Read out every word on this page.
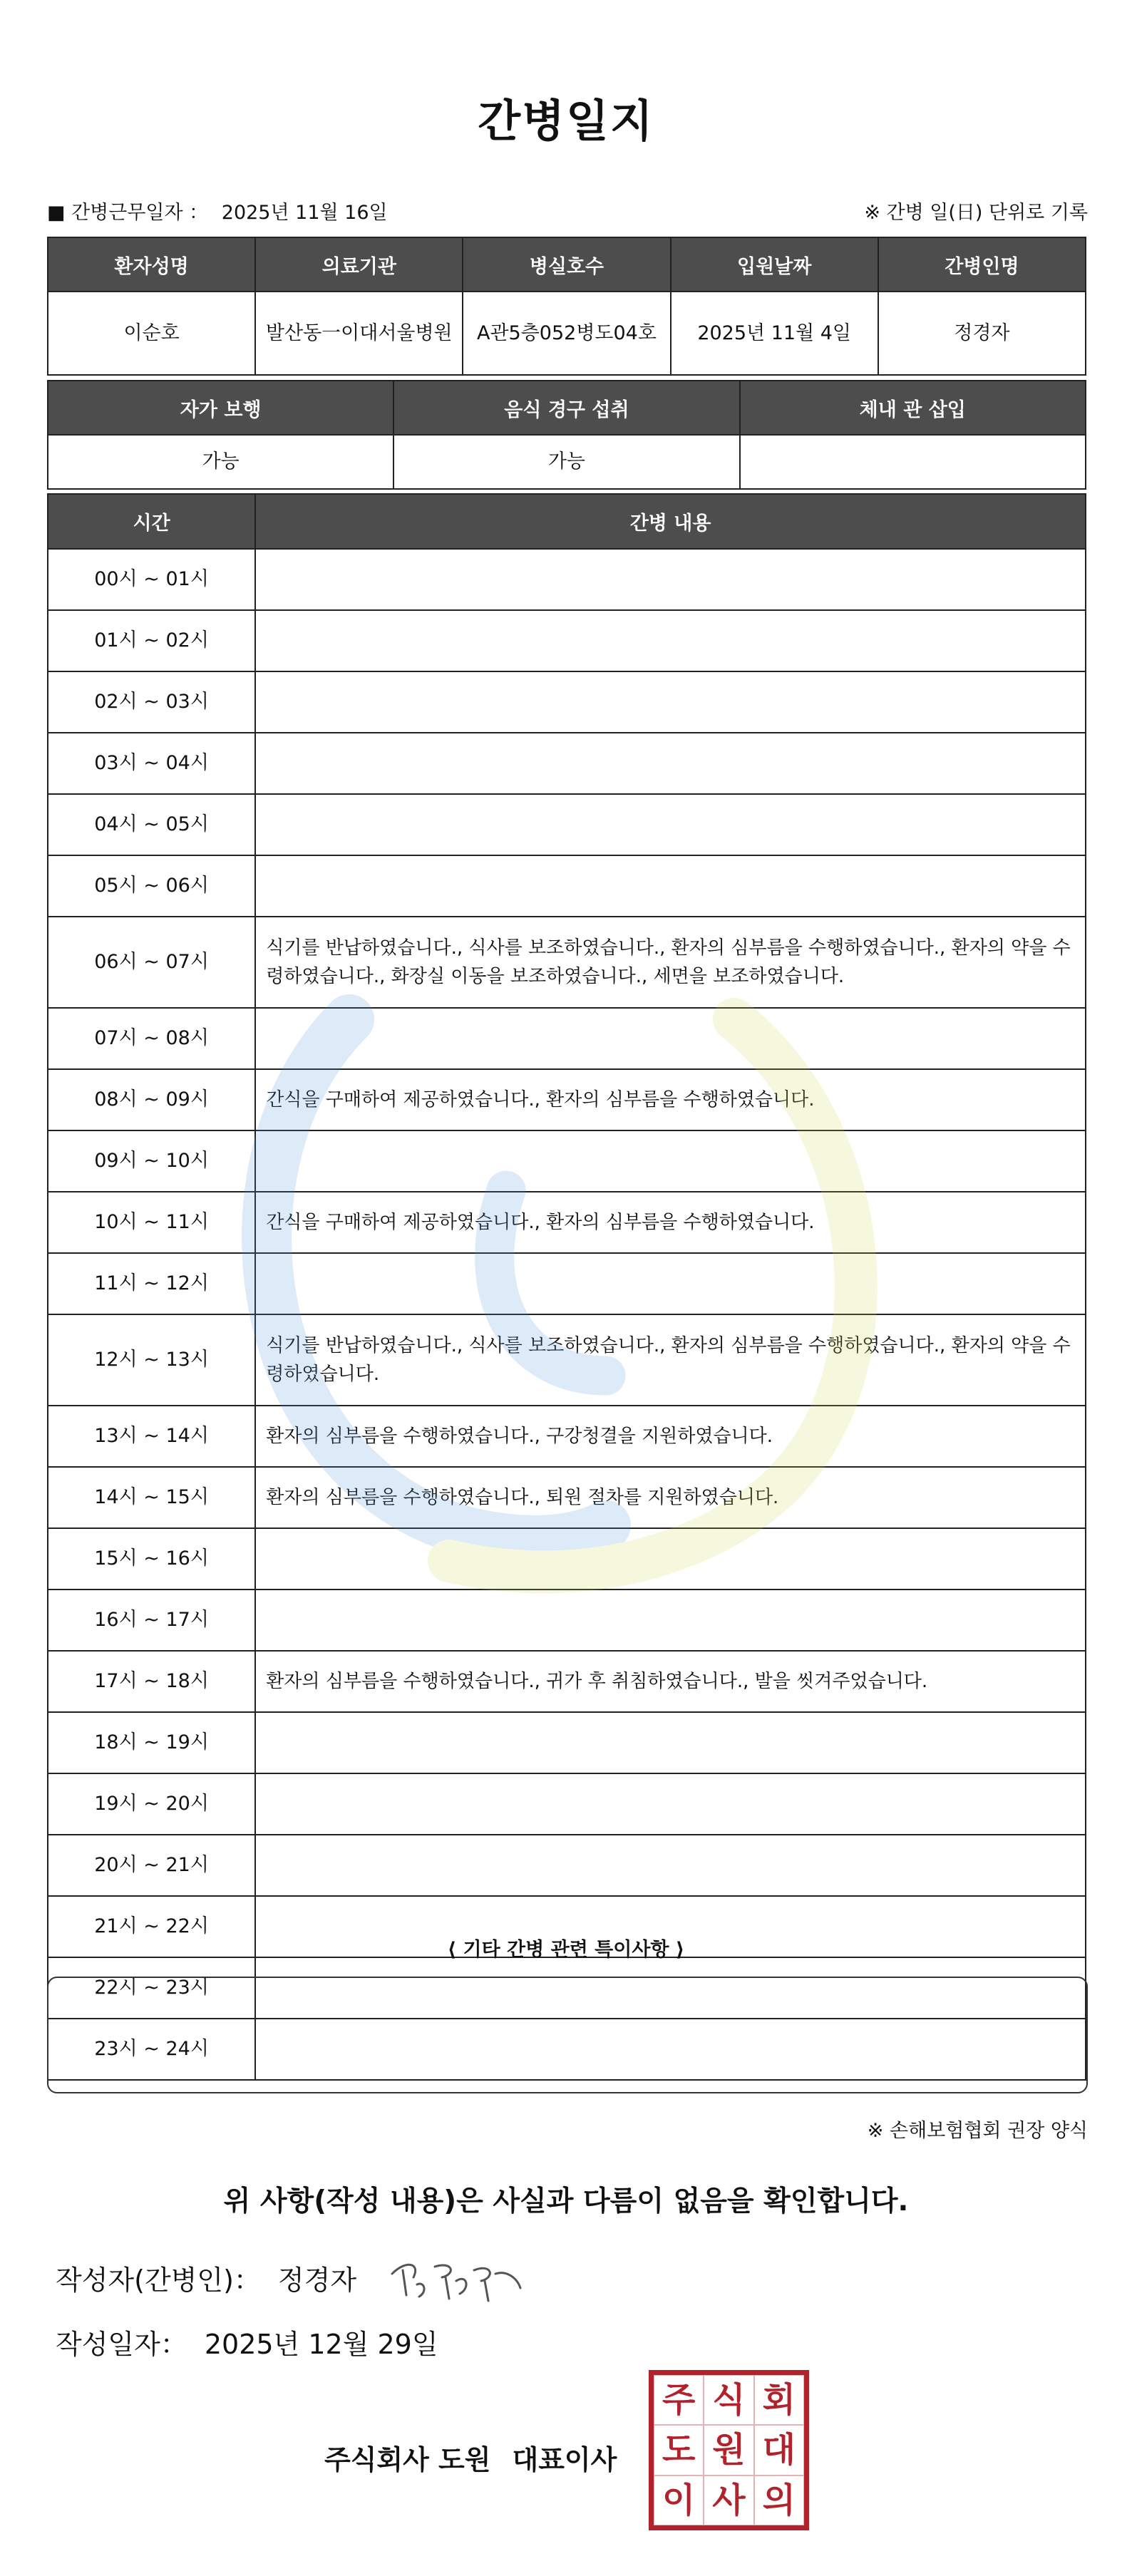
간병일지
■ 간병근무일자 ： 2025년 11월 16일	※ 간병 일(日) 단위로 기록
환자성명	의료기관	병실호수	입원날짜	간병인명
이순호	발산동一이대서울병원	A관5층052병도04호	2025년 11월 4일	정경자
자가 보행	음식 경구 섭취	체내 관 삽입
가능	가능	
시간	간병 내용
00시 ~ 01시	
01시 ~ 02시	
02시 ~ 03시	
03시 ~ 04시	
04시 ~ 05시	
05시 ~ 06시	
06시 ~ 07시	식기를 반납하였습니다., 식사를 보조하였습니다., 환자의 심부름을 수행하였습니다., 환자의 약을 수령하였습니다., 화장실 이동을 보조하였습니다., 세면을 보조하였습니다.
07시 ~ 08시	
08시 ~ 09시	간식을 구매하여 제공하였습니다., 환자의 심부름을 수행하였습니다.
09시 ~ 10시	
10시 ~ 11시	간식을 구매하여 제공하였습니다., 환자의 심부름을 수행하였습니다.
11시 ~ 12시	
12시 ~ 13시	식기를 반납하였습니다., 식사를 보조하였습니다., 환자의 심부름을 수행하였습니다., 환자의 약을 수령하였습니다.
13시 ~ 14시	환자의 심부름을 수행하였습니다., 구강청결을 지원하였습니다.
14시 ~ 15시	환자의 심부름을 수행하였습니다., 퇴원 절차를 지원하였습니다.
15시 ~ 16시	
16시 ~ 17시	
17시 ~ 18시	환자의 심부름을 수행하였습니다., 귀가 후 취침하였습니다., 발을 씻겨주었습니다.
18시 ~ 19시	
19시 ~ 20시	
20시 ~ 21시	
21시 ~ 22시	
22시 ~ 23시	
23시 ~ 24시	
⟨ 기타 간병 관련 특이사항 ⟩
※ 손해보험협회 권장 양식
위 사항(작성 내용)은 사실과 다름이 없음을 확인합니다.
작성자(간병인)： 정경자
작성일자： 2025년 12월 29일
주식회사 도원 대표이사
주 식 회
도 원 대
이 사 의
